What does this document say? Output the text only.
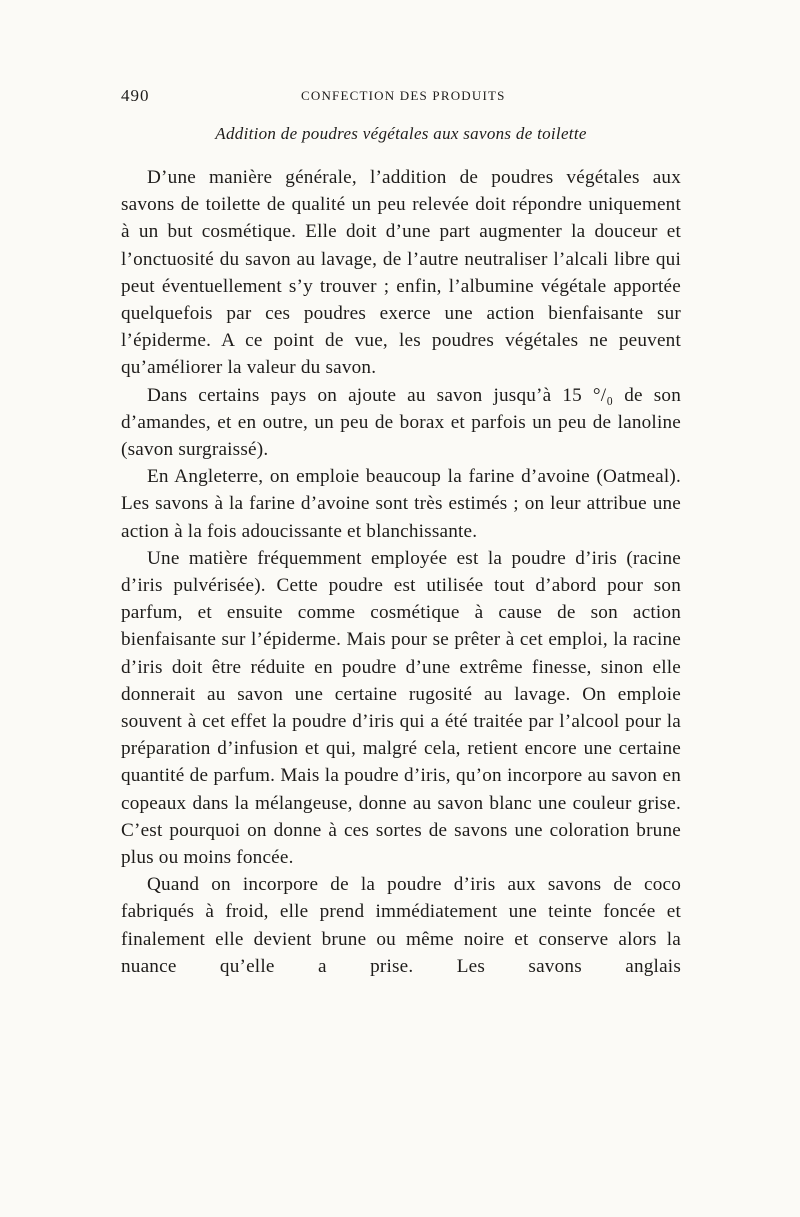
490	CONFECTION DES PRODUITS
Addition de poudres végétales aux savons de toilette

D’une manière générale, l’addition de poudres végétales aux savons de toilette de qualité un peu relevée doit répondre uniquement à un but cosmétique. Elle doit d’une part augmenter la douceur et l’onctuosité du savon au lavage, de l’autre neutraliser l’alcali libre qui peut éventuellement s’y trouver ; enfin, l’albumine végétale apportée quelquefois par ces poudres exerce une action bienfaisante sur l’épiderme. A ce point de vue, les poudres végétales ne peuvent qu’améliorer la valeur du savon.

Dans certains pays on ajoute au savon jusqu’à 15 °/₀ de son d’amandes, et en outre, un peu de borax et parfois un peu de lanoline (savon surgraissé).

En Angleterre, on emploie beaucoup la farine d’avoine (Oatmeal). Les savons à la farine d’avoine sont très estimés ; on leur attribue une action à la fois adoucissante et blanchissante.

Une matière fréquemment employée est la poudre d’iris (racine d’iris pulvérisée). Cette poudre est utilisée tout d’abord pour son parfum, et ensuite comme cosmétique à cause de son action bienfaisante sur l’épiderme. Mais pour se prêter à cet emploi, la racine d’iris doit être réduite en poudre d’une extrême finesse, sinon elle donnerait au savon une certaine rugosité au lavage. On emploie souvent à cet effet la poudre d’iris qui a été traitée par l’alcool pour la préparation d’infusion et qui, malgré cela, retient encore une certaine quantité de parfum. Mais la poudre d’iris, qu’on incorpore au savon en copeaux dans la mélangeuse, donne au savon blanc une couleur grise. C’est pourquoi on donne à ces sortes de savons une coloration brune plus ou moins foncée.

Quand on incorpore de la poudre d’iris aux savons de coco fabriqués à froid, elle prend immédiatement une teinte foncée et finalement elle devient brune ou même noire et conserve alors la nuance qu’elle a prise. Les savons anglais
